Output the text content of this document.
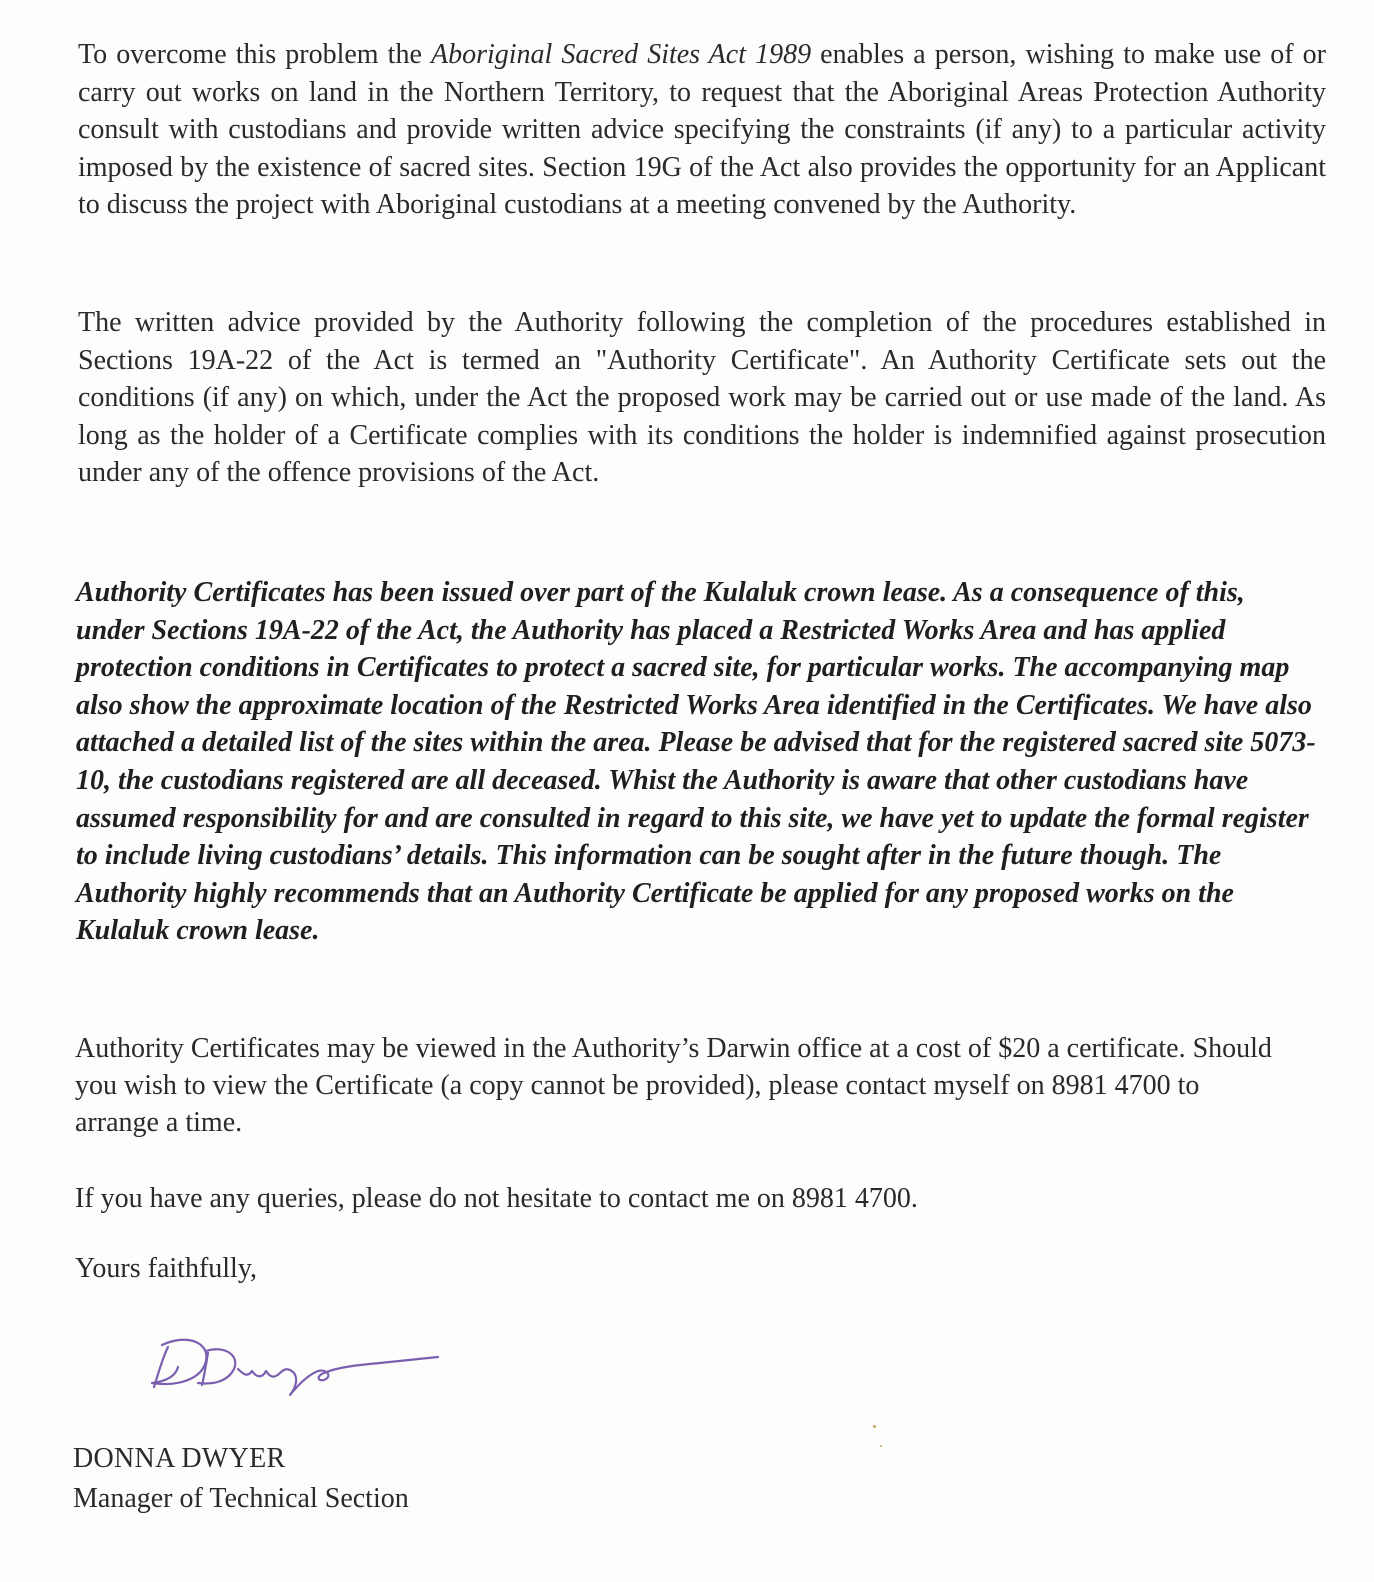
To overcome this problem the Aboriginal Sacred Sites Act 1989 enables a person, wishing to make use of or carry out works on land in the Northern Territory, to request that the Aboriginal Areas Protection Authority consult with custodians and provide written advice specifying the constraints (if any) to a particular activity imposed by the existence of sacred sites. Section 19G of the Act also provides the opportunity for an Applicant to discuss the project with Aboriginal custodians at a meeting convened by the Authority.

The written advice provided by the Authority following the completion of the procedures established in Sections 19A-22 of the Act is termed an "Authority Certificate". An Authority Certificate sets out the conditions (if any) on which, under the Act the proposed work may be carried out or use made of the land. As long as the holder of a Certificate complies with its conditions the holder is indemnified against prosecution under any of the offence provisions of the Act.

Authority Certificates has been issued over part of the Kulaluk crown lease. As a consequence of this, under Sections 19A-22 of the Act, the Authority has placed a Restricted Works Area and has applied protection conditions in Certificates to protect a sacred site, for particular works. The accompanying map also show the approximate location of the Restricted Works Area identified in the Certificates. We have also attached a detailed list of the sites within the area. Please be advised that for the registered sacred site 5073-10, the custodians registered are all deceased. Whist the Authority is aware that other custodians have assumed responsibility for and are consulted in regard to this site, we have yet to update the formal register to include living custodians’ details. This information can be sought after in the future though. The Authority highly recommends that an Authority Certificate be applied for any proposed works on the Kulaluk crown lease.

Authority Certificates may be viewed in the Authority’s Darwin office at a cost of $20 a certificate. Should you wish to view the Certificate (a copy cannot be provided), please contact myself on 8981 4700 to arrange a time.

If you have any queries, please do not hesitate to contact me on 8981 4700.

Yours faithfully,

DONNA DWYER

Manager of Technical Section
